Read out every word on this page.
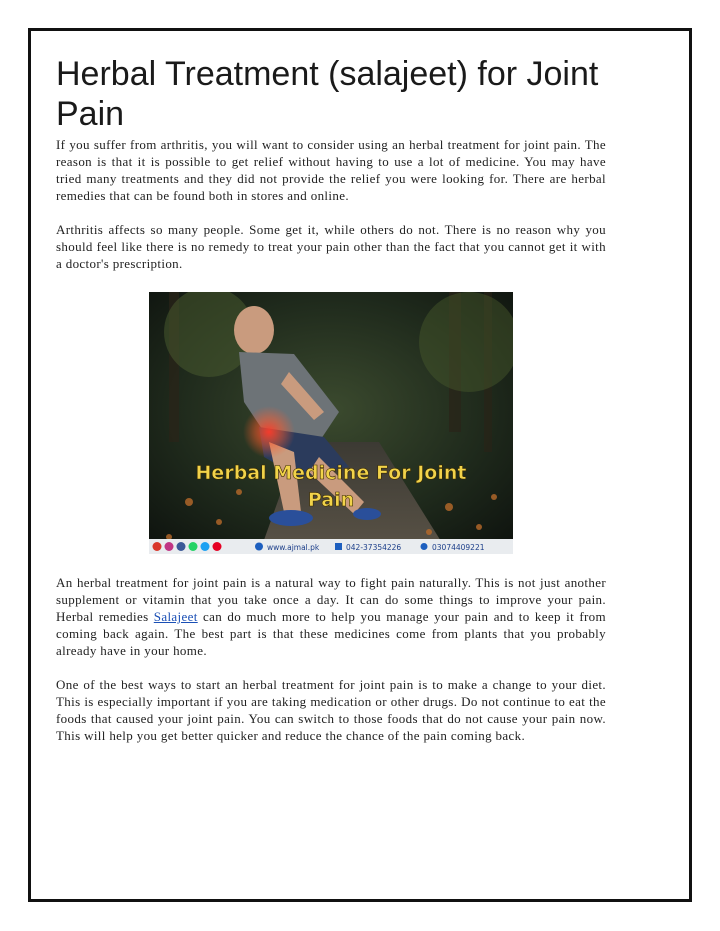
Herbal Treatment (salajeet) for Joint Pain

If you suffer from arthritis, you will want to consider using an herbal treatment for joint pain. The reason is that it is possible to get relief without having to use a lot of medicine. You may have tried many treatments and they did not provide the relief you were looking for. There are herbal remedies that can be found both in stores and online.

Arthritis affects so many people. Some get it, while others do not. There is no reason why you should feel like there is no remedy to treat your pain other than the fact that you cannot get it with a doctor's prescription.

Herbal Medicine For Joint
Pain
www.ajmal.pk	042-37354226	03074409221

An herbal treatment for joint pain is a natural way to fight pain naturally. This is not just another supplement or vitamin that you take once a day. It can do some things to improve your pain. Herbal remedies Salajeet can do much more to help you manage your pain and to keep it from coming back again. The best part is that these medicines come from plants that you probably already have in your home.

One of the best ways to start an herbal treatment for joint pain is to make a change to your diet. This is especially important if you are taking medication or other drugs. Do not continue to eat the foods that caused your joint pain. You can switch to those foods that do not cause your pain now. This will help you get better quicker and reduce the chance of the pain coming back.
